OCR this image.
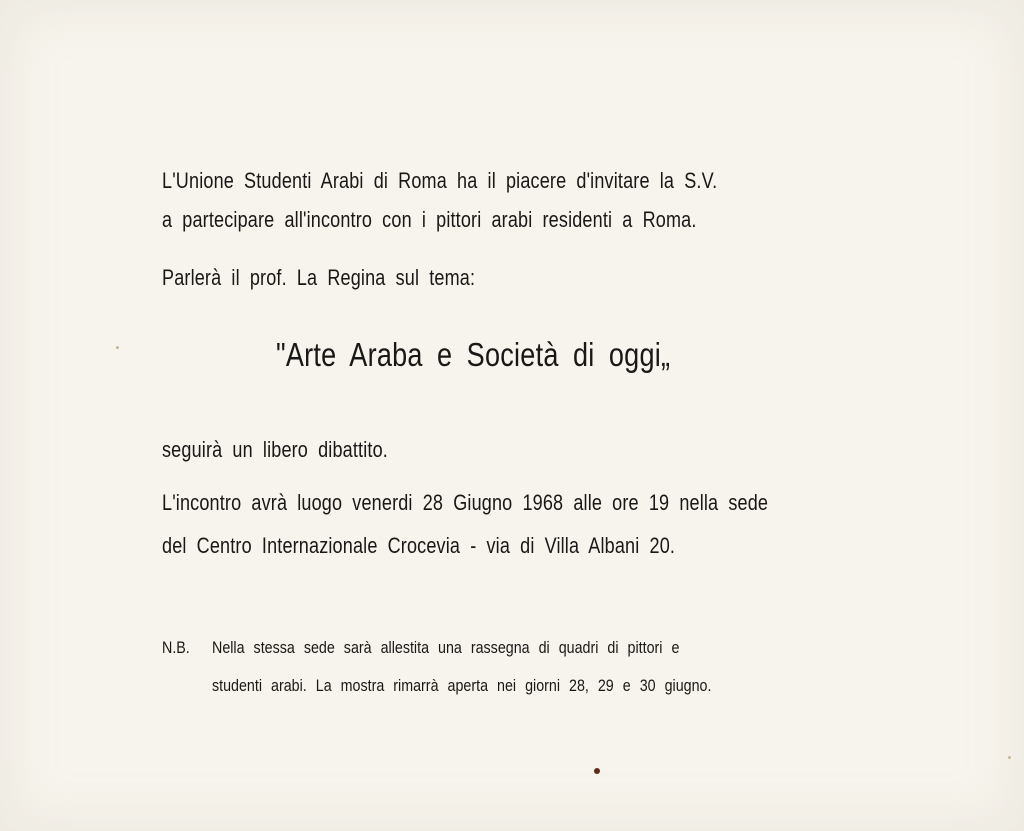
L'Unione Studenti Arabi di Roma ha il piacere d'invitare la S.V.
a partecipare all'incontro con i pittori arabi residenti a Roma.
Parlerà il prof. La Regina sul tema:
"Arte Araba e Società di oggi„
seguirà un libero dibattito.
L'incontro avrà luogo venerdi 28 Giugno 1968 alle ore 19 nella sede
del Centro Internazionale Crocevia - via di Villa Albani 20.
N.B. Nella stessa sede sarà allestita una rassegna di quadri di pittori e
studenti arabi. La mostra rimarrà aperta nei giorni 28, 29 e 30 giugno.
